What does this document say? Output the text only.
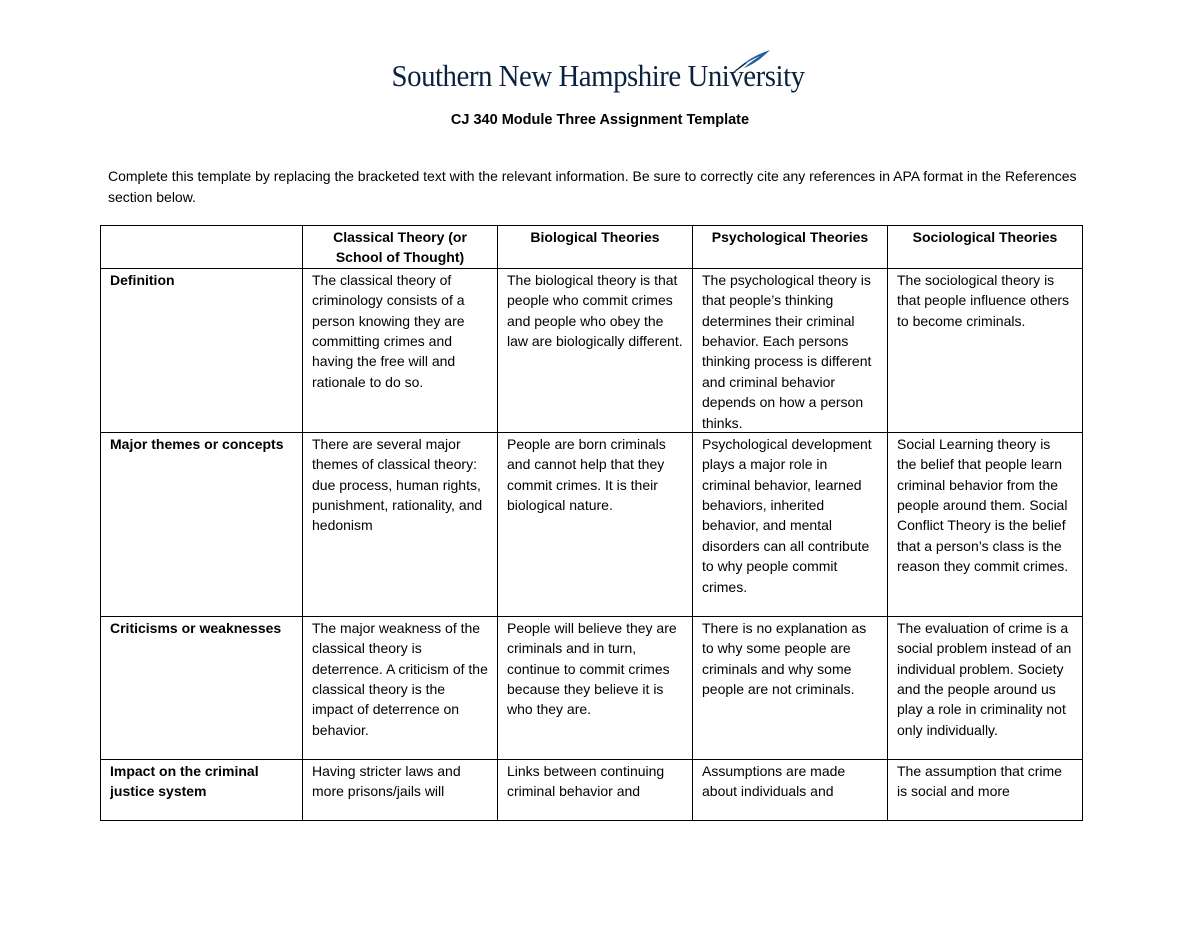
Southern New Hampshire University
CJ 340 Module Three Assignment Template
Complete this template by replacing the bracketed text with the relevant information. Be sure to correctly cite any references in APA format in the References section below.
	Classical Theory (or School of Thought)	Biological Theories	Psychological Theories	Sociological Theories

Definition	The classical theory of criminology consists of a person knowing they are committing crimes and having the free will and rationale to do so.	The biological theory is that people who commit crimes and people who obey the law are biologically different.	The psychological theory is that people’s thinking determines their criminal behavior. Each persons thinking process is different and criminal behavior depends on how a person thinks.	The sociological theory is that people influence others to become criminals.

Major themes or concepts	There are several major themes of classical theory: due process, human rights, punishment, rationality, and hedonism	People are born criminals and cannot help that they commit crimes. It is their biological nature.	Psychological development plays a major role in criminal behavior, learned behaviors, inherited behavior, and mental disorders can all contribute to why people commit crimes.	Social Learning theory is the belief that people learn criminal behavior from the people around them. Social Conflict Theory is the belief that a person’s class is the reason they commit crimes.

Criticisms or weaknesses	The major weakness of the classical theory is deterrence. A criticism of the classical theory is the impact of deterrence on behavior.	People will believe they are criminals and in turn, continue to commit crimes because they believe it is who they are.	There is no explanation as to why some people are criminals and why some people are not criminals.	The evaluation of crime is a social problem instead of an individual problem. Society and the people around us play a role in criminality not only individually.

Impact on the criminal justice system	Having stricter laws and more prisons/jails will	Links between continuing criminal behavior and	Assumptions are made about individuals and	The assumption that crime is social and more
